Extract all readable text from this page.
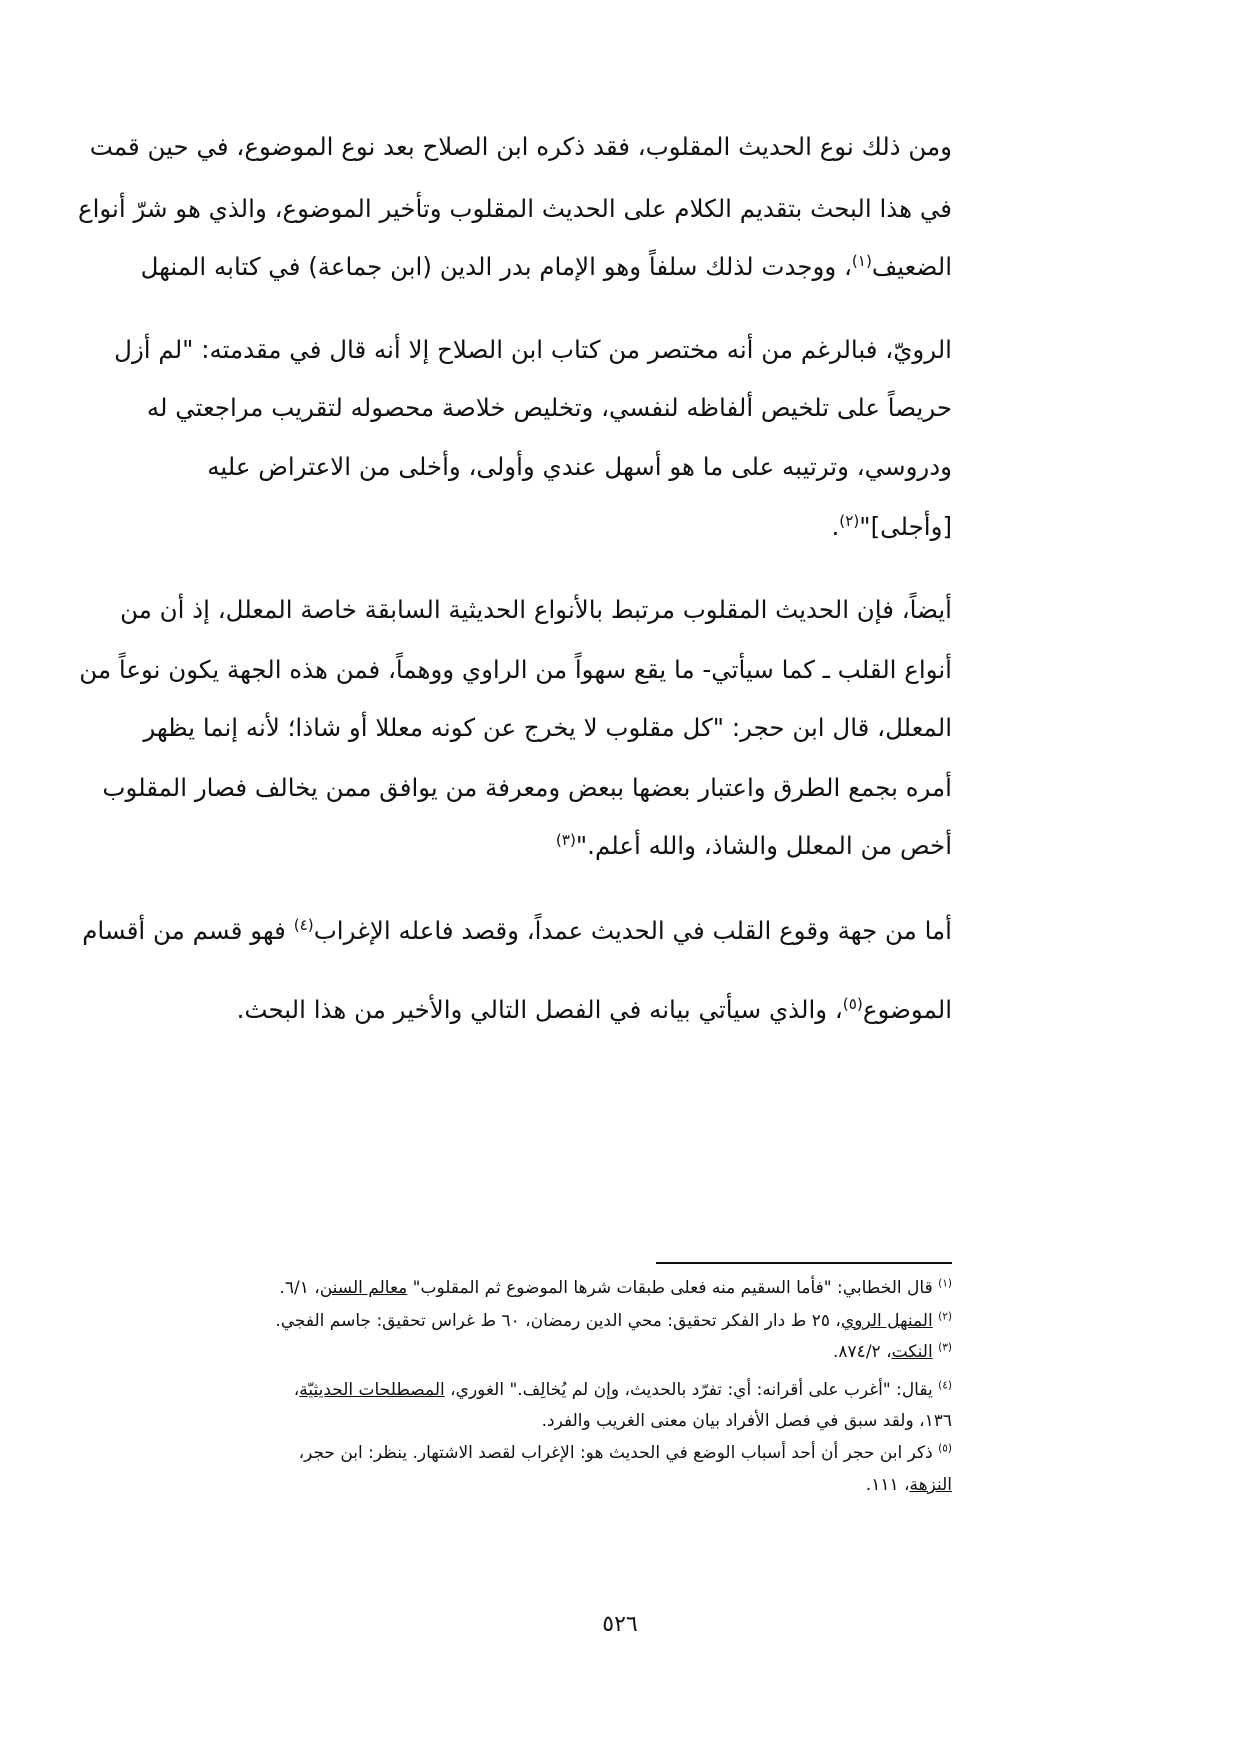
ومن ذلك نوع الحديث المقلوب، فقد ذكره ابن الصلاح بعد نوع الموضوع، في حين قمت
في هذا البحث بتقديم الكلام على الحديث المقلوب وتأخير الموضوع، والذي هو شرّ أنواع
الضعيف$^{(١)}$، ووجدت لذلك سلفاً وهو الإمام بدر الدين (ابن جماعة) في كتابه المنهل
الرويّ، فبالرغم من أنه مختصر من كتاب ابن الصلاح إلا أنه قال في مقدمته: "لم أزل
حريصاً على تلخيص ألفاظه لنفسي، وتخليص خلاصة محصوله لتقريب مراجعتي له
ودروسي، وترتيبه على ما هو أسهل عندي وأولى، وأخلى من الاعتراض عليه
[وأجلى]"$^{(٢)}$.
أيضاً، فإن الحديث المقلوب مرتبط بالأنواع الحديثية السابقة خاصة المعلل، إذ أن من
أنواع القلب ـ كما سيأتي- ما يقع سهواً من الراوي ووهماً، فمن هذه الجهة يكون نوعاً من
المعلل، قال ابن حجر: "كل مقلوب لا يخرج عن كونه معللا أو شاذا؛ لأنه إنما يظهر
أمره بجمع الطرق واعتبار بعضها ببعض ومعرفة من يوافق ممن يخالف فصار المقلوب
أخص من المعلل والشاذ، والله أعلم."$^{(٣)}$
أما من جهة وقوع القلب في الحديث عمداً، وقصد فاعله الإغراب$^{(٤)}$ فهو قسم من أقسام
الموضوع$^{(٥)}$، والذي سيأتي بيانه في الفصل التالي والأخير من هذا البحث.
$^{(١)}$ قال الخطابي: "فأما السقيم منه فعلى طبقات شرها الموضوع ثم المقلوب" معالم السنن، ٦/١.
$^{(٢)}$ المنهل الروي، ٢٥ ط دار الفكر تحقيق: محي الدين رمضان، ٦٠ ط غراس تحقيق: جاسم الفجي.
$^{(٣)}$ النكت، ٨٧٤/٢.
$^{(٤)}$ يقال: "أغرب على أقرانه: أي: تفرّد بالحديث، وإن لم يُخالِف." الغوري، المصطلحات الحديثيّة،
١٣٦، ولقد سبق في فصل الأفراد بيان معنى الغريب والفرد.
$^{(٥)}$ ذكر ابن حجر أن أحد أسباب الوضع في الحديث هو: الإغراب لقصد الاشتهار. ينظر: ابن حجر،
النزهة، ١١١.
٥٢٦
